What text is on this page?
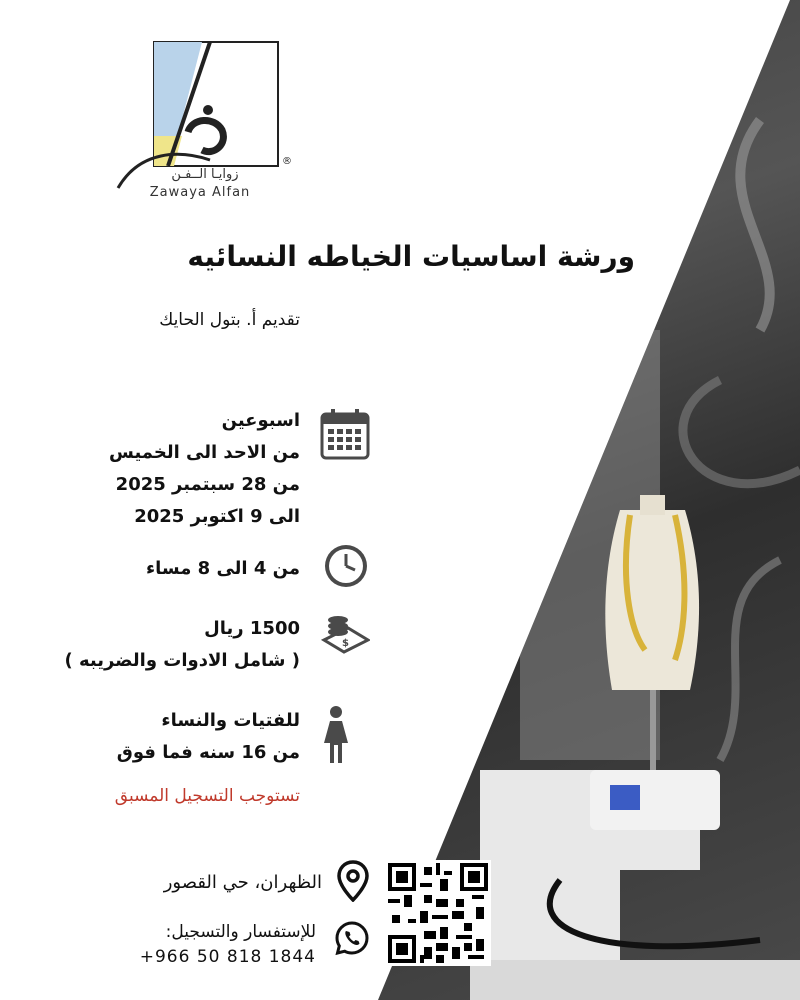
®
زوايـا الــفـن
Zawaya Alfan
ورشة اساسيات الخياطه النسائيه
تقديم أ. بتول الحايك
اسبوعين
من الاحد الى الخميس
من 28 سبتمبر 2025
الى 9 اكتوبر 2025
من 4 الى 8 مساء
$
1500 ريال
( شامل الادوات والضريبه )
للفتيات والنساء
من 16 سنه فما فوق
تستوجب التسجيل المسبق
الظهران، حي القصور
للإستفسار والتسجيل:
+966 50 818 1844
